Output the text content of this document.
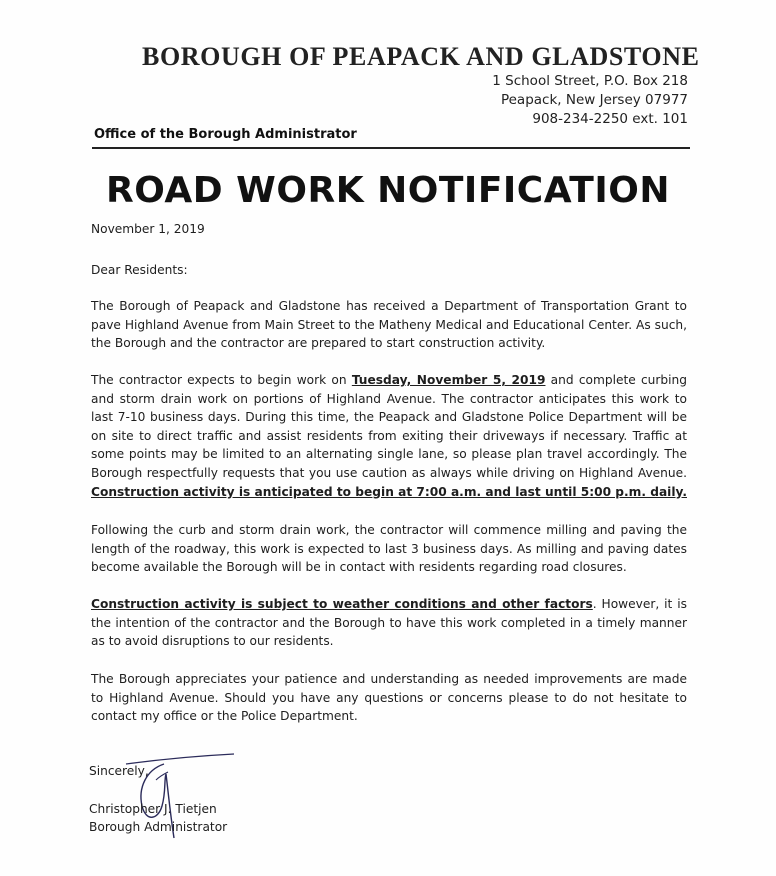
BOROUGH OF PEAPACK AND GLADSTONE
1 School Street, P.O. Box 218
Peapack, New Jersey 07977
908-234-2250 ext. 101
Office of the Borough Administrator
ROAD WORK NOTIFICATION
November 1, 2019
Dear Residents:
The Borough of Peapack and Gladstone has received a Department of Transportation Grant to pave Highland Avenue from Main Street to the Matheny Medical and Educational Center. As such, the Borough and the contractor are prepared to start construction activity.
The contractor expects to begin work on Tuesday, November 5, 2019 and complete curbing and storm drain work on portions of Highland Avenue. The contractor anticipates this work to last 7-10 business days. During this time, the Peapack and Gladstone Police Department will be on site to direct traffic and assist residents from exiting their driveways if necessary. Traffic at some points may be limited to an alternating single lane, so please plan travel accordingly. The Borough respectfully requests that you use caution as always while driving on Highland Avenue. Construction activity is anticipated to begin at 7:00 a.m. and last until 5:00 p.m. daily.
Following the curb and storm drain work, the contractor will commence milling and paving the length of the roadway, this work is expected to last 3 business days. As milling and paving dates become available the Borough will be in contact with residents regarding road closures.
Construction activity is subject to weather conditions and other factors. However, it is the intention of the contractor and the Borough to have this work completed in a timely manner as to avoid disruptions to our residents.
The Borough appreciates your patience and understanding as needed improvements are made to Highland Avenue. Should you have any questions or concerns please to do not hesitate to contact my office or the Police Department.
Sincerely,
Christopher J. Tietjen
Borough Administrator
